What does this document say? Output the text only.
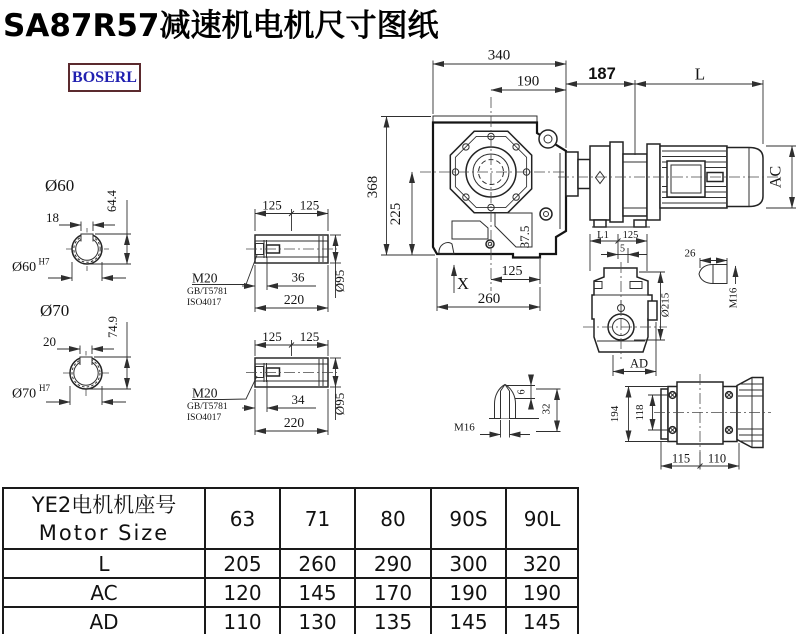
Ø60
18
64.4
Ø60 H7
Ø70
20
74.9
Ø70 H7
125 125
M20
GB/T5781
ISO4017
36
220
Ø95
125 125
M20
GB/T5781
ISO4017
34
220
Ø95
340
190
368
225
37.5
125
260
X
187	L
AC
L1 125
5
Ø215
AD
26
M16
M16
6
32	194 118
115 110
SA87R57减速机电机尺寸图纸
BOSERL
YE2电机机座号
Motor Size	63	71	80	90S	90L
L	205	260	290	300	320
AC	120	145	170	190	190
AD	110	130	135	145	145
